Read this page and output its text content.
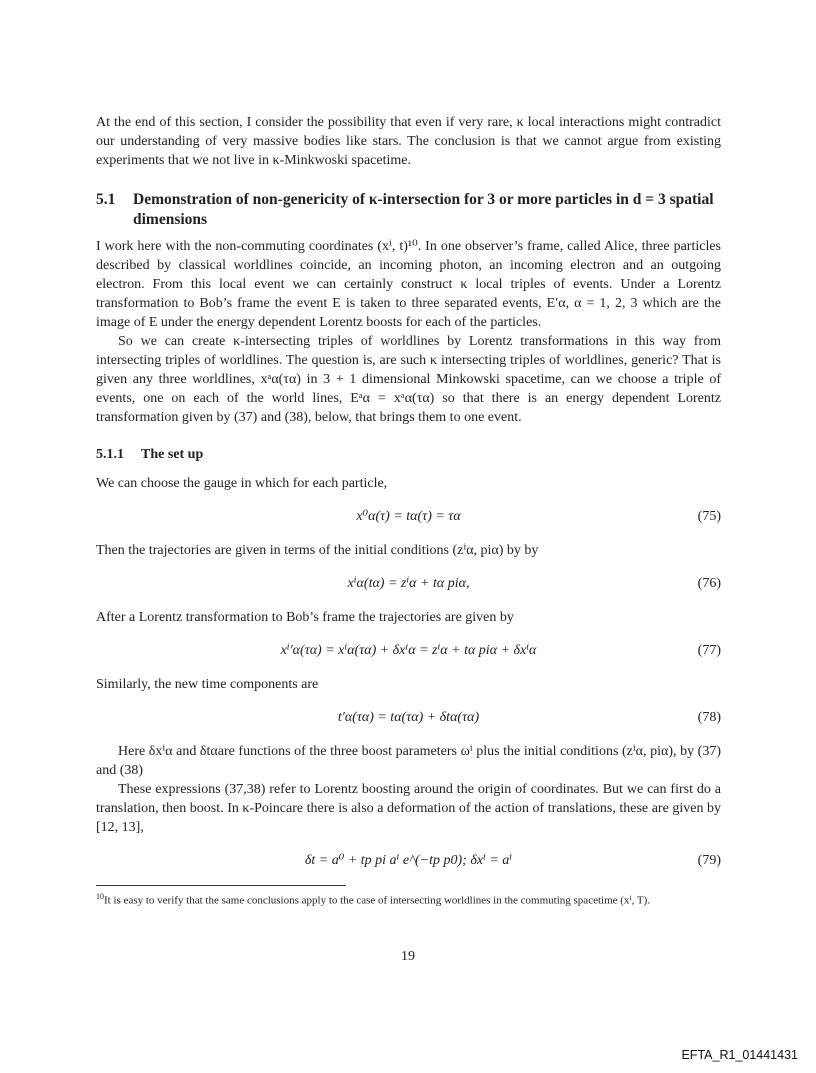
At the end of this section, I consider the possibility that even if very rare, κ local interactions might contradict our understanding of very massive bodies like stars. The conclusion is that we cannot argue from existing experiments that we not live in κ-Minkwoski spacetime.

5.1	Demonstration of non-genericity of κ-intersection for 3 or more particles in d = 3 spatial dimensions

I work here with the non-commuting coordinates (xⁱ, t)¹⁰. In one observer’s frame, called Alice, three particles described by classical worldlines coincide, an incoming photon, an incoming electron and an outgoing electron. From this local event we can certainly construct κ local triples of events. Under a Lorentz transformation to Bob’s frame the event E is taken to three separated events, E′α, α = 1, 2, 3 which are the image of E under the energy dependent Lorentz boosts for each of the particles.

So we can create κ-intersecting triples of worldlines by Lorentz transformations in this way from intersecting triples of worldlines. The question is, are such κ intersecting triples of worldlines, generic? That is given any three worldlines, xᵃα(τα) in 3 + 1 dimensional Minkowski spacetime, can we choose a triple of events, one on each of the world lines, Eᵃα = xᵃα(τα) so that there is an energy dependent Lorentz transformation given by (37) and (38), below, that brings them to one event.

5.1.1	The set up

We can choose the gauge in which for each particle,

x⁰α(τ) = tα(τ) = τα	(75)

Then the trajectories are given in terms of the initial conditions (zⁱα, piα) by by

xⁱα(tα) = zⁱα + tα piα,	(76)

After a Lorentz transformation to Bob’s frame the trajectories are given by

xⁱ′α(τα) = xⁱα(τα) + δxⁱα = zⁱα + tα piα + δxⁱα	(77)

Similarly, the new time components are

t′α(τα) = tα(τα) + δtα(τα)	(78)

Here δxⁱα and δtαare functions of the three boost parameters ωⁱ plus the initial conditions (zⁱα, piα), by (37) and (38)

These expressions (37,38) refer to Lorentz boosting around the origin of coordinates. But we can first do a translation, then boost. In κ-Poincare there is also a deformation of the action of translations, these are given by [12, 13],

δt = a⁰ + tp pi aⁱ e^(−tp p0); δxⁱ = aⁱ	(79)
$^{10}$It is easy to verify that the same conclusions apply to the case of intersecting worldlines in the commuting spacetime (xⁱ, T).
19
EFTA_R1_01441431
